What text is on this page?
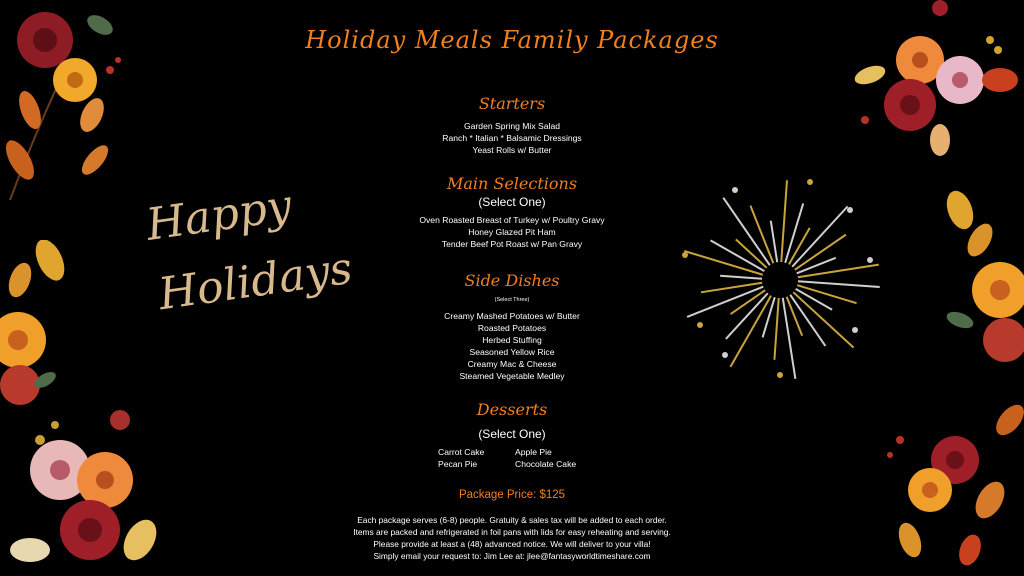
Holiday Meals Family Packages
Happy
Holidays
Starters
Garden Spring Mix Salad
Ranch * Italian * Balsamic Dressings
Yeast Rolls w/ Butter
Main Selections
(Select One)
Oven Roasted Breast of Turkey w/ Poultry Gravy
Honey Glazed Pit Ham
Tender Beef Pot Roast w/ Pan Gravy
Side Dishes
(Select Three)
Creamy Mashed Potatoes w/ Butter
Roasted Potatoes
Herbed Stuffing
Seasoned Yellow Rice
Creamy Mac & Cheese
Steamed Vegetable Medley
Desserts
(Select One)
Carrot Cake
Pecan Pie
Apple Pie
Chocolate Cake
Package Price: $125
Each package serves (6-8) people. Gratuity & sales tax will be added to each order.
Items are packed and refrigerated in foil pans with lids for easy reheating and serving.
Please provide at least a (48) advanced notice. We will deliver to your villa!
Simply email your request to: Jim Lee at: jlee@fantasyworldtimeshare.com
